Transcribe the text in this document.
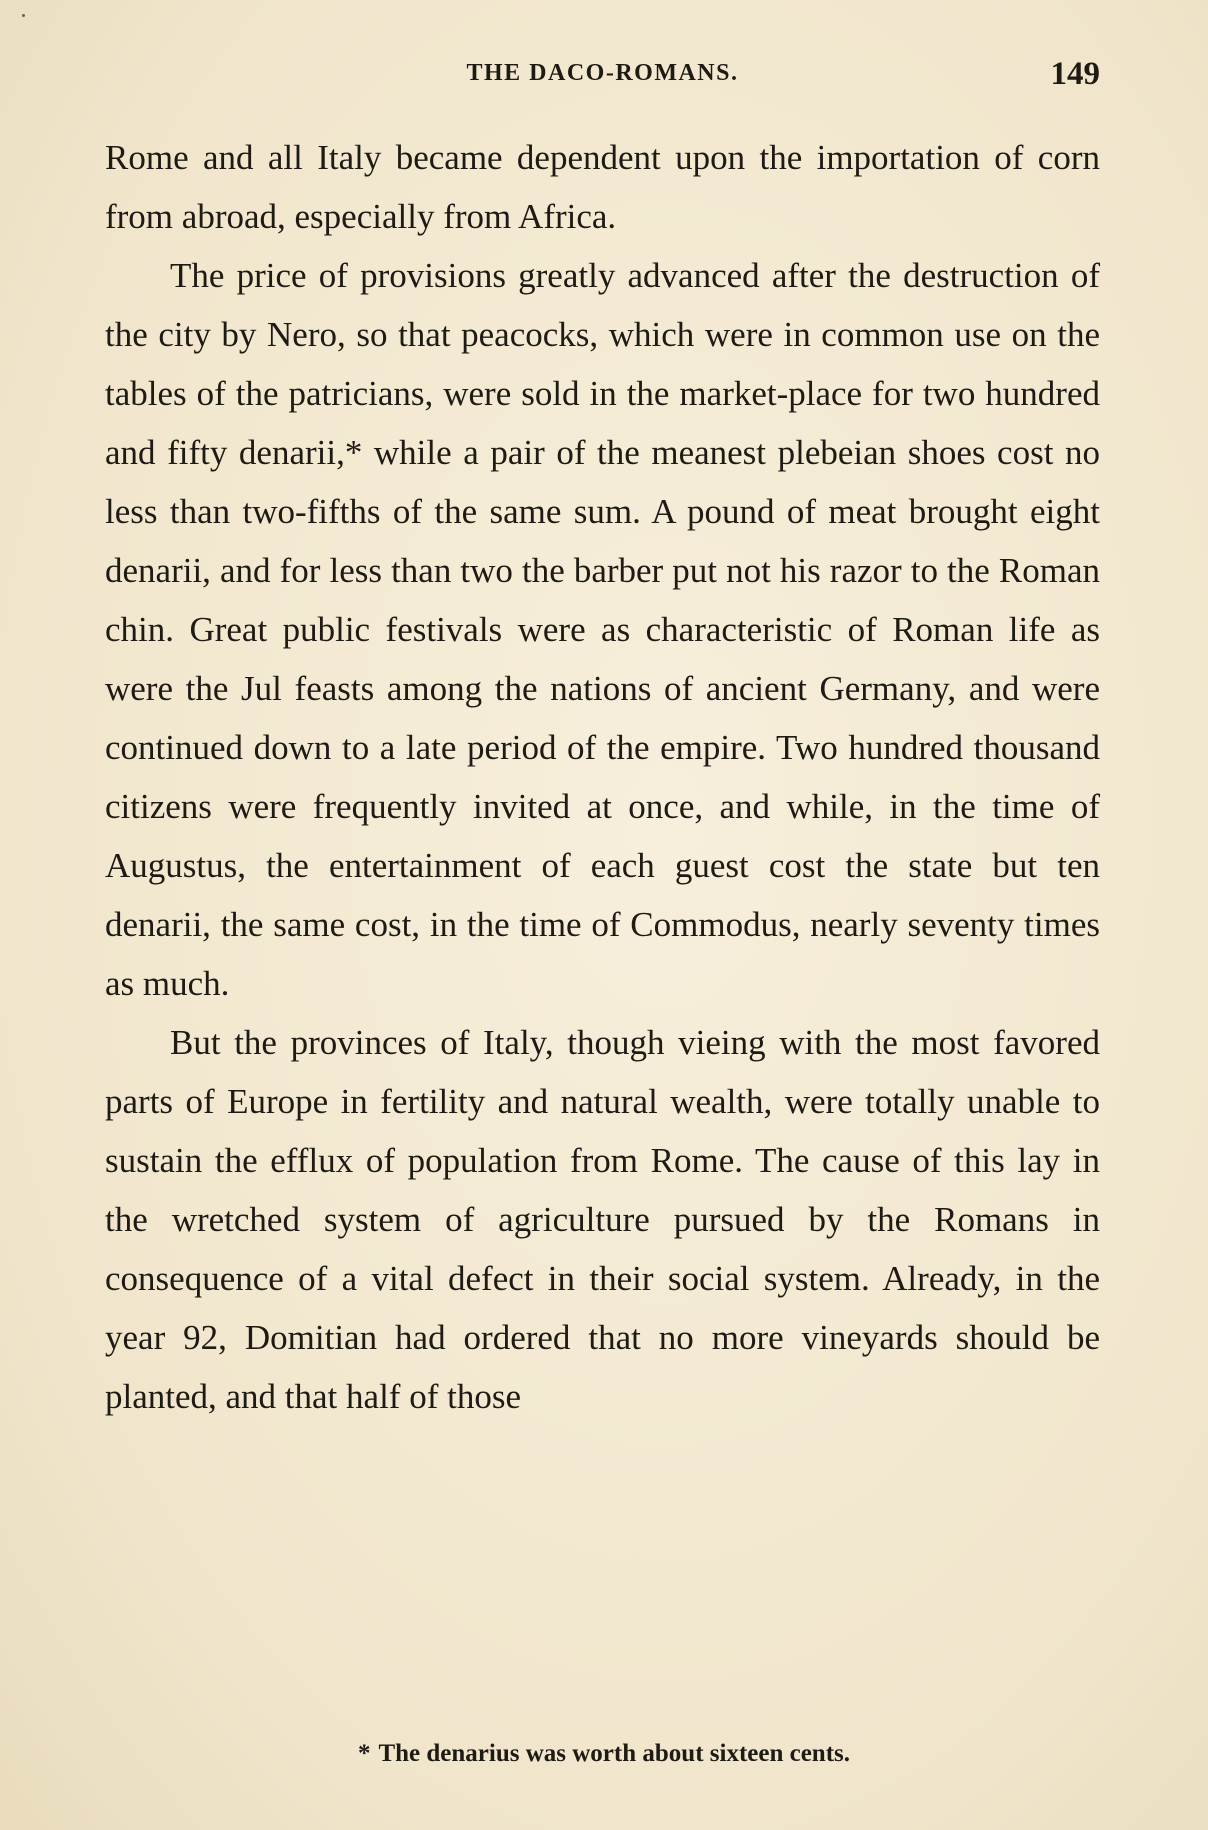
THE DACO-ROMANS.	149

Rome and all Italy became dependent upon the importation of corn from abroad, especially from Africa.

The price of provisions greatly advanced after the destruction of the city by Nero, so that peacocks, which were in common use on the tables of the patricians, were sold in the market-place for two hundred and fifty denarii,* while a pair of the meanest plebeian shoes cost no less than two-fifths of the same sum. A pound of meat brought eight denarii, and for less than two the barber put not his razor to the Roman chin. Great public festivals were as characteristic of Roman life as were the Jul feasts among the nations of ancient Germany, and were continued down to a late period of the empire. Two hundred thousand citizens were frequently invited at once, and while, in the time of Augustus, the entertainment of each guest cost the state but ten denarii, the same cost, in the time of Commodus, nearly seventy times as much.

But the provinces of Italy, though vieing with the most favored parts of Europe in fertility and natural wealth, were totally unable to sustain the efflux of population from Rome. The cause of this lay in the wretched system of agriculture pursued by the Romans in consequence of a vital defect in their social system. Already, in the year 92, Domitian had ordered that no more vineyards should be planted, and that half of those

* The denarius was worth about sixteen cents.
